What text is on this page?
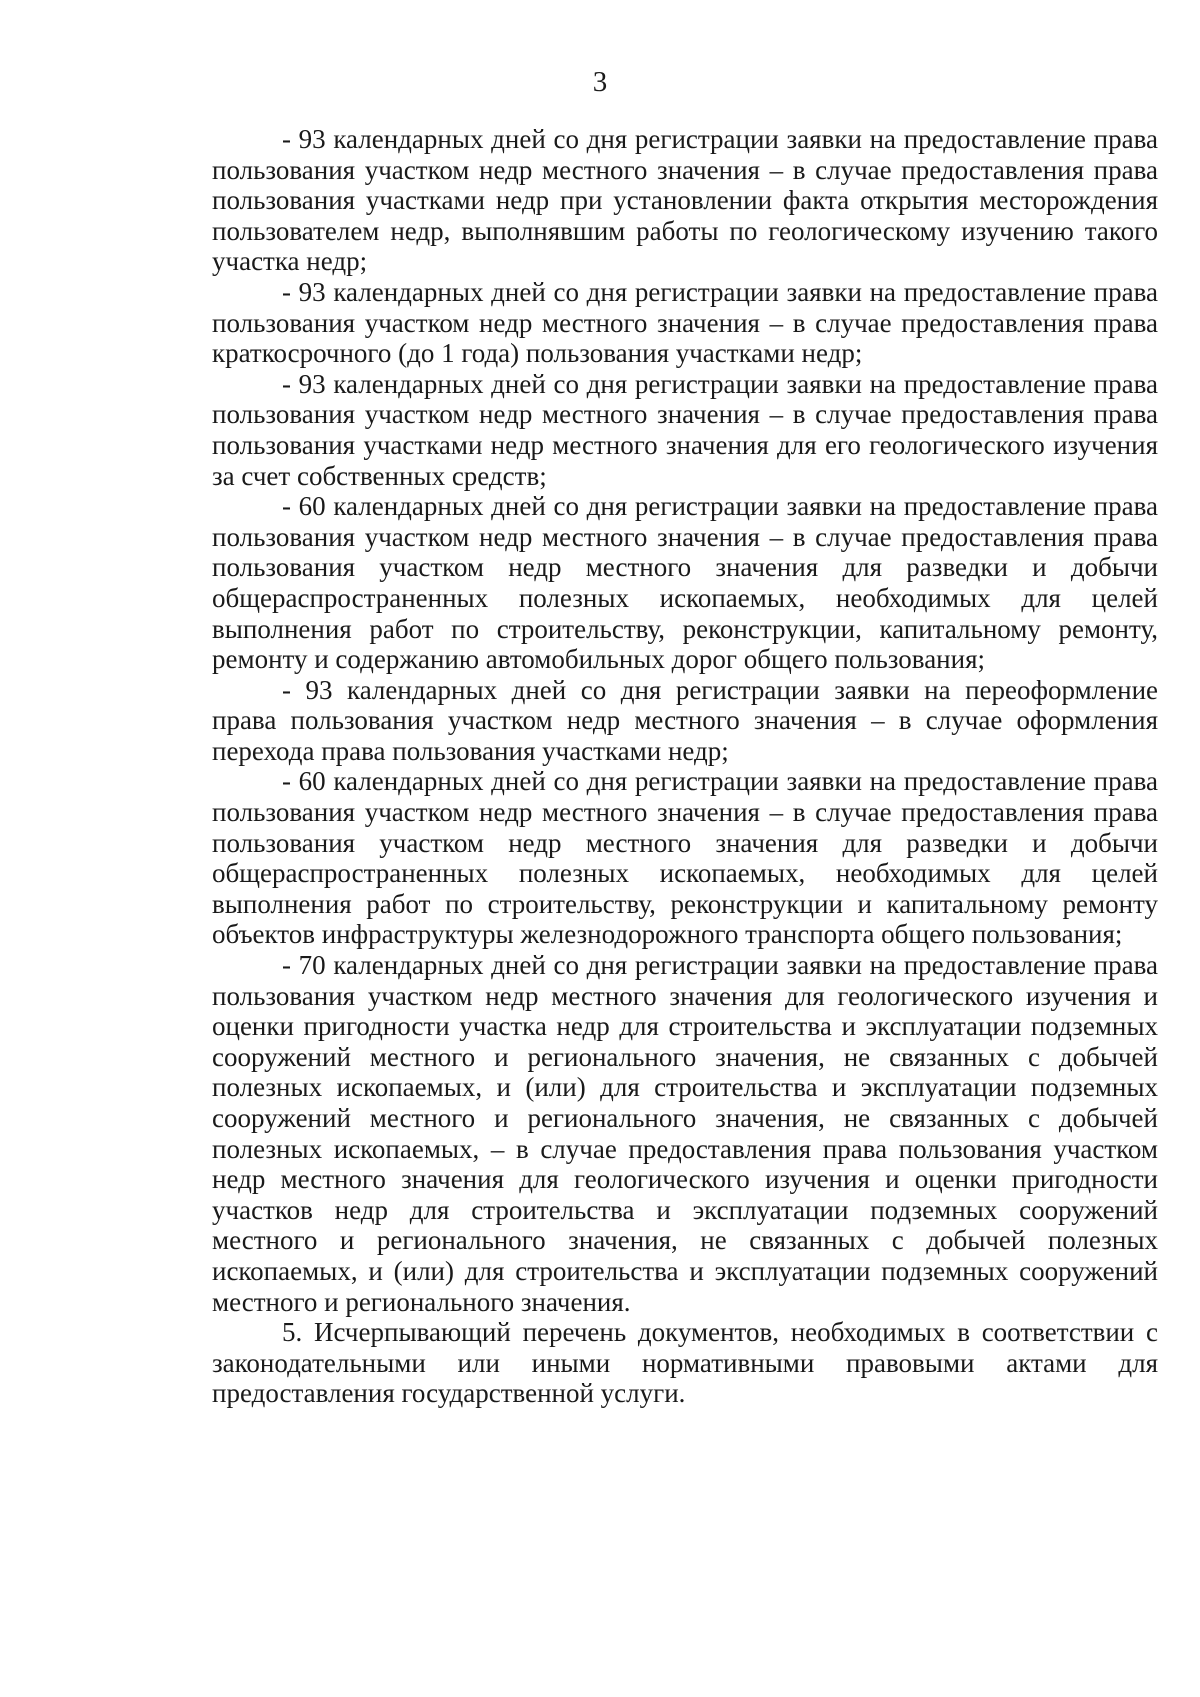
3

- 93 календарных дней со дня регистрации заявки на предоставление права пользования участком недр местного значения – в случае предоставления права пользования участками недр при установлении факта открытия месторождения пользователем недр, выполнявшим работы по геологическому изучению такого участка недр;

- 93 календарных дней со дня регистрации заявки на предоставление права пользования участком недр местного значения – в случае предоставления права краткосрочного (до 1 года) пользования участками недр;

- 93 календарных дней со дня регистрации заявки на предоставление права пользования участком недр местного значения – в случае предоставления права пользования участками недр местного значения для его геологического изучения за счет собственных средств;

- 60 календарных дней со дня регистрации заявки на предоставление права пользования участком недр местного значения – в случае предоставления права пользования участком недр местного значения для разведки и добычи общераспространенных полезных ископаемых, необходимых для целей выполнения работ по строительству, реконструкции, капитальному ремонту, ремонту и содержанию автомобильных дорог общего пользования;

- 93 календарных дней со дня регистрации заявки на переоформление права пользования участком недр местного значения – в случае оформления перехода права пользования участками недр;

- 60 календарных дней со дня регистрации заявки на предоставление права пользования участком недр местного значения – в случае предоставления права пользования участком недр местного значения для разведки и добычи общераспространенных полезных ископаемых, необходимых для целей выполнения работ по строительству, реконструкции и капитальному ремонту объектов инфраструктуры железнодорожного транспорта общего пользования;

- 70 календарных дней со дня регистрации заявки на предоставление права пользования участком недр местного значения для геологического изучения и оценки пригодности участка недр для строительства и эксплуатации подземных сооружений местного и регионального значения, не связанных с добычей полезных ископаемых, и (или) для строительства и эксплуатации подземных сооружений местного и регионального значения, не связанных с добычей полезных ископаемых, – в случае предоставления права пользования участком недр местного значения для геологического изучения и оценки пригодности участков недр для строительства и эксплуатации подземных сооружений местного и регионального значения, не связанных с добычей полезных ископаемых, и (или) для строительства и эксплуатации подземных сооружений местного и регионального значения.

5. Исчерпывающий перечень документов, необходимых в соответствии с законодательными или иными нормативными правовыми актами для предоставления государственной услуги.
